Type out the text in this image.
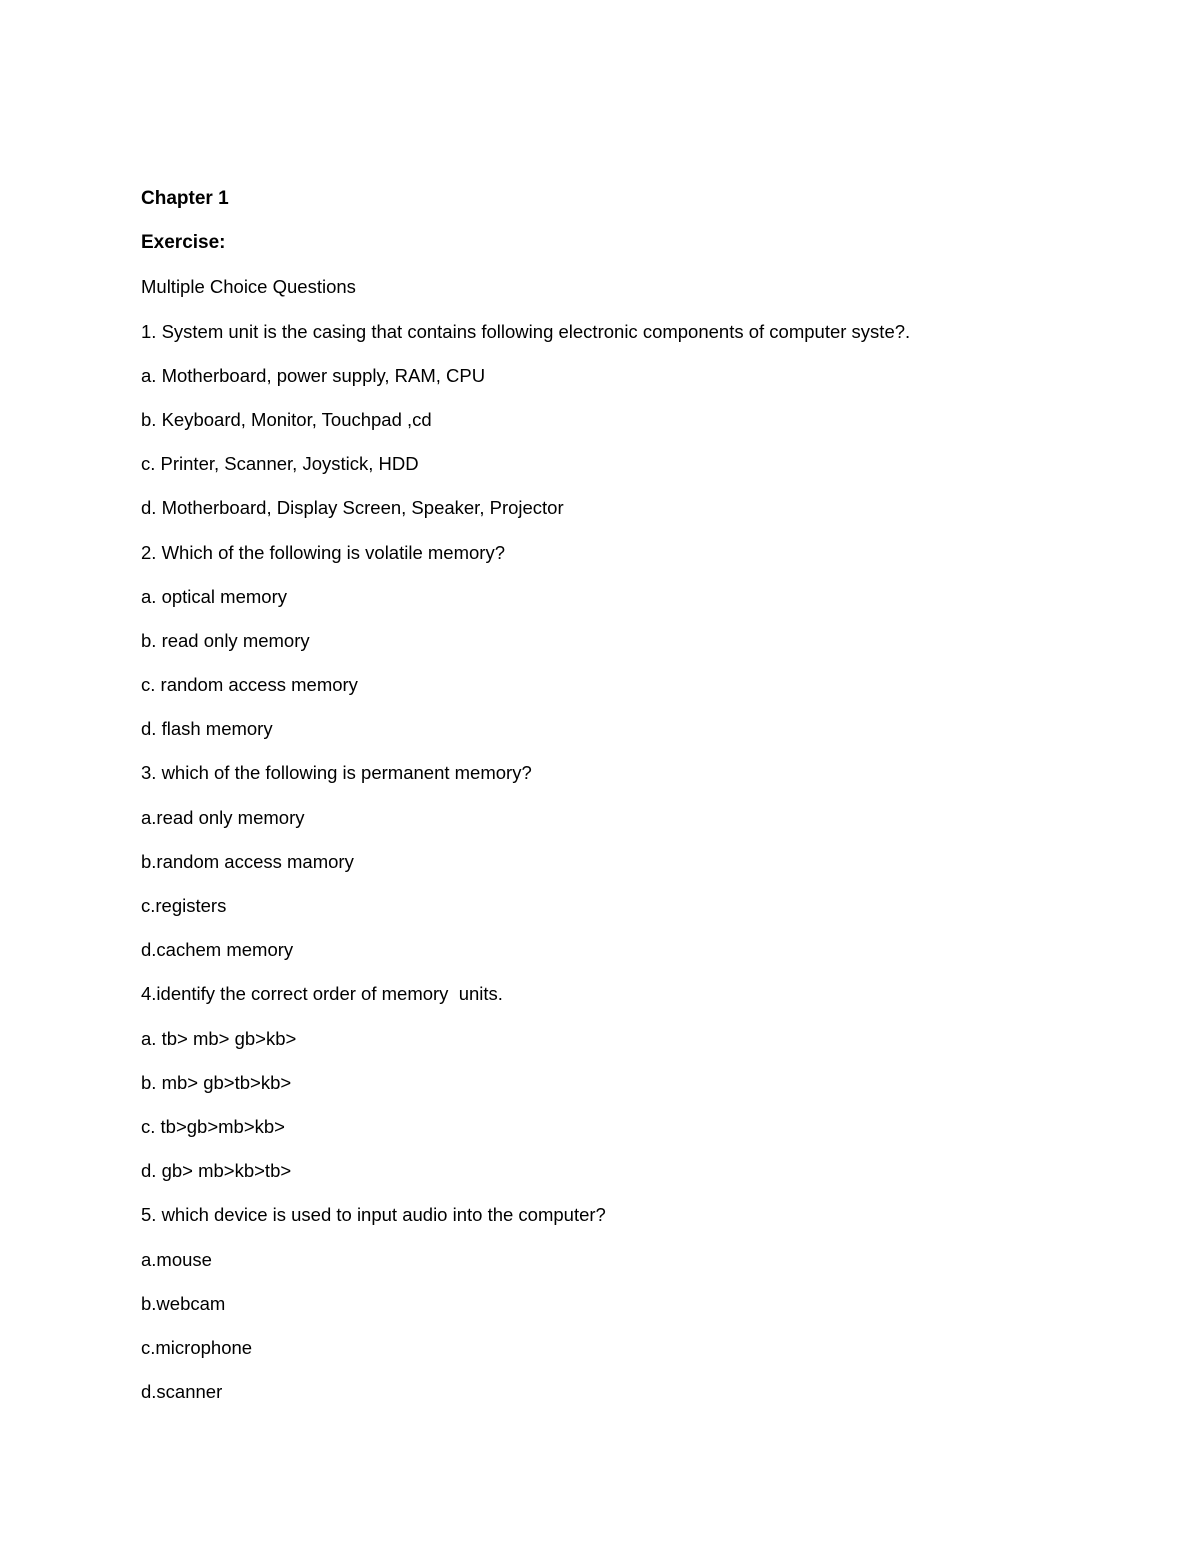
Chapter 1
Exercise:
Multiple Choice Questions
1. System unit is the casing that contains following electronic components of computer syste?.
a. Motherboard, power supply, RAM, CPU
b. Keyboard, Monitor, Touchpad ,cd
c. Printer, Scanner, Joystick, HDD
d. Motherboard, Display Screen, Speaker, Projector
2. Which of the following is volatile memory?
a. optical memory
b. read only memory
c. random access memory
d. flash memory
3. which of the following is permanent memory?
a.read only memory
b.random access mamory
c.registers
d.cachem memory
4.identify the correct order of memory  units.
a. tb> mb> gb>kb>
b. mb> gb>tb>kb>
c. tb>gb>mb>kb>
d. gb> mb>kb>tb>
5. which device is used to input audio into the computer?
a.mouse
b.webcam
c.microphone
d.scanner
